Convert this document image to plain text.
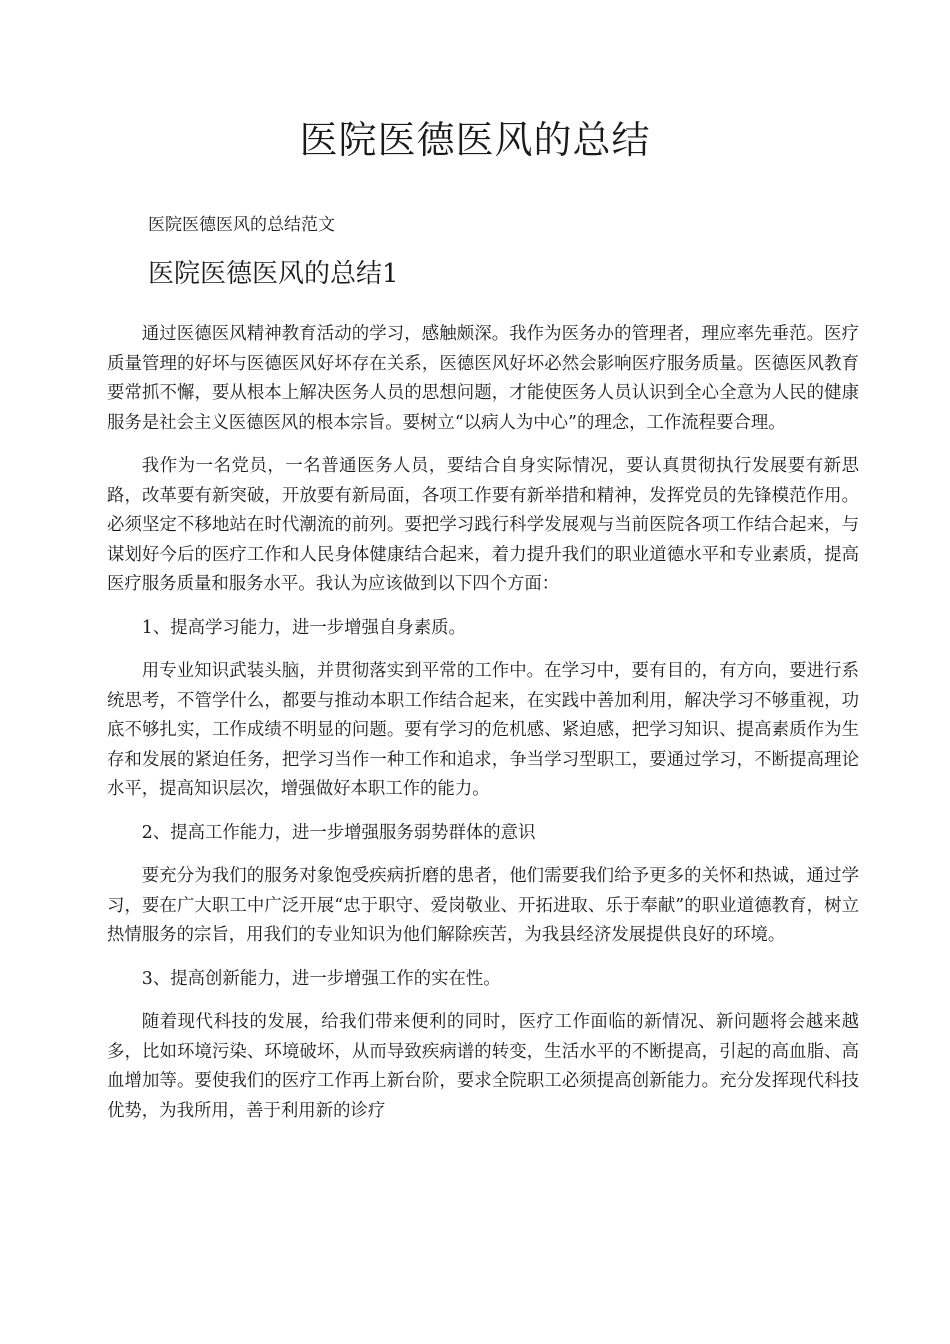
医院医德医风的总结

医院医德医风的总结范文

医院医德医风的总结1

通过医德医风精神教育活动的学习，感触颇深。我作为医务办的管理者，理应率先垂范。医疗质量管理的好坏与医德医风好坏存在关系，医德医风好坏必然会影响医疗服务质量。医德医风教育要常抓不懈，要从根本上解决医务人员的思想问题，才能使医务人员认识到全心全意为人民的健康服务是社会主义医德医风的根本宗旨。要树立“以病人为中心”的理念，工作流程要合理。

我作为一名党员，一名普通医务人员，要结合自身实际情况，要认真贯彻执行发展要有新思路，改革要有新突破，开放要有新局面，各项工作要有新举措和精神，发挥党员的先锋模范作用。必须坚定不移地站在时代潮流的前列。要把学习践行科学发展观与当前医院各项工作结合起来，与谋划好今后的医疗工作和人民身体健康结合起来，着力提升我们的职业道德水平和专业素质，提高医疗服务质量和服务水平。我认为应该做到以下四个方面：

1、提高学习能力，进一步增强自身素质。

用专业知识武装头脑，并贯彻落实到平常的工作中。在学习中，要有目的，有方向，要进行系统思考，不管学什么，都要与推动本职工作结合起来，在实践中善加利用，解决学习不够重视，功底不够扎实，工作成绩不明显的问题。要有学习的危机感、紧迫感，把学习知识、提高素质作为生存和发展的紧迫任务，把学习当作一种工作和追求，争当学习型职工，要通过学习，不断提高理论水平，提高知识层次，增强做好本职工作的能力。

2、提高工作能力，进一步增强服务弱势群体的意识

要充分为我们的服务对象饱受疾病折磨的患者，他们需要我们给予更多的关怀和热诚，通过学习，要在广大职工中广泛开展“忠于职守、爱岗敬业、开拓进取、乐于奉献”的职业道德教育，树立热情服务的宗旨，用我们的专业知识为他们解除疾苦，为我县经济发展提供良好的环境。

3、提高创新能力，进一步增强工作的实在性。

随着现代科技的发展，给我们带来便利的同时，医疗工作面临的新情况、新问题将会越来越多，比如环境污染、环境破坏，从而导致疾病谱的转变，生活水平的不断提高，引起的高血脂、高血增加等。要使我们的医疗工作再上新台阶，要求全院职工必须提高创新能力。充分发挥现代科技优势，为我所用，善于利用新的诊疗
